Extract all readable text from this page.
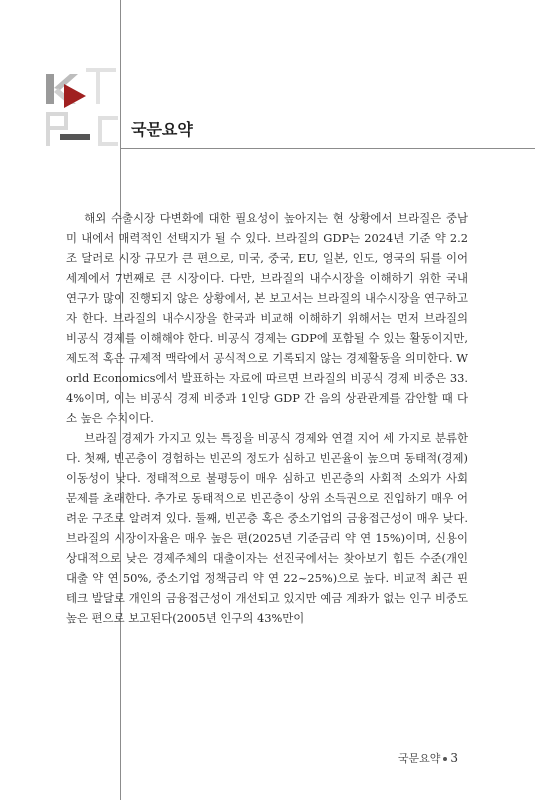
국문요약

해외 수출시장 다변화에 대한 필요성이 높아지는 현 상황에서 브라질은 중남미 내에서 매력적인 선택지가 될 수 있다. 브라질의 GDP는 2024년 기준 약 2.2조 달러로 시장 규모가 큰 편으로, 미국, 중국, EU, 일본, 인도, 영국의 뒤를 이어 세계에서 7번째로 큰 시장이다. 다만, 브라질의 내수시장을 이해하기 위한 국내 연구가 많이 진행되지 않은 상황에서, 본 보고서는 브라질의 내수시장을 연구하고자 한다. 브라질의 내수시장을 한국과 비교해 이해하기 위해서는 먼저 브라질의 비공식 경제를 이해해야 한다. 비공식 경제는 GDP에 포함될 수 있는 활동이지만, 제도적 혹은 규제적 맥락에서 공식적으로 기록되지 않는 경제활동을 의미한다. World Economics에서 발표하는 자료에 따르면 브라질의 비공식 경제 비중은 33.4%이며, 이는 비공식 경제 비중과 1인당 GDP 간 음의 상관관계를 감안할 때 다소 높은 수치이다.

브라질 경제가 가지고 있는 특징을 비공식 경제와 연결 지어 세 가지로 분류한다. 첫째, 빈곤층이 경험하는 빈곤의 정도가 심하고 빈곤율이 높으며 동태적(경제)이동성이 낮다. 정태적으로 불평등이 매우 심하고 빈곤층의 사회적 소외가 사회 문제를 초래한다. 추가로 동태적으로 빈곤층이 상위 소득권으로 진입하기 매우 어려운 구조로 알려져 있다. 둘째, 빈곤층 혹은 중소기업의 금융접근성이 매우 낮다. 브라질의 시장이자율은 매우 높은 편(2025년 기준금리 약 연 15%)이며, 신용이 상대적으로 낮은 경제주체의 대출이자는 선진국에서는 찾아보기 힘든 수준(개인대출 약 연 50%, 중소기업 정책금리 약 연 22~25%)으로 높다. 비교적 최근 핀테크 발달로 개인의 금융접근성이 개선되고 있지만 예금 계좌가 없는 인구 비중도 높은 편으로 보고된다(2005년 인구의 43%만이

국문요약 3
